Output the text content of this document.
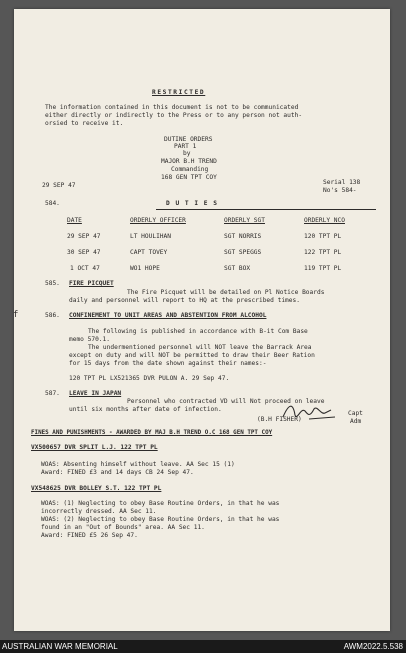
RESTRICTED
The information contained in this document is not to be communicated
either directly or indirectly to the Press or to any person not auth-
orsied to receive it.
DUTINE ORDERS
PART 1
by
MAJOR B.H TREND
Commanding
168 GEN TPT COY
29 SEP 47	Serial 138
No's 584-
584.	D U T I E S
DATE	ORDERLY OFFICER	ORDERLY SGT	ORDERLY NCO
29 SEP 47	LT HOULIHAN	SGT NORRIS	120 TPT PL
30 SEP 47	CAPT TOVEY	SGT SPEGGS	122 TPT PL
1 OCT 47	WO1 HOPE	SGT BOX	119 TPT PL
585. FIRE PICQUET
The Fire Picquet will be detailed on Pl Notice Boards
daily and personnel will report to HQ at the prescribed times.
f	586. CONFINEMENT TO UNIT AREAS AND ABSTENTION FROM ALCOHOL
The following is published in accordance with B-it Com Base
memo 570.1.
The undermentioned personnel will NOT leave the Barrack Area
except on duty and will NOT be permitted to draw their Beer Ration
for 15 days from the date shown against their names:-
120 TPT PL LX521365 DVR PULON A. 29 Sep 47.
587. LEAVE IN JAPAN
Personnel who contracted VD will Not proceed on leave
until six months after date of infection.
(B.H FISHER)
Capt
Adm
FINES AND PUNISHMENTS - AWARDED BY MAJ B.H TREND O.C 168 GEN TPT COY
VX500657 DVR SPLIT L.J. 122 TPT PL
WOAS: Absenting himself without leave. AA Sec 15 (1)
Award: FINED £3 and 14 days CB 24 Sep 47.
VX548625 DVR BOLLEY S.T. 122 TPT PL
WOAS: (1) Neglecting to obey Base Routine Orders, in that he was
incorrectly dressed. AA Sec 11.
WOAS: (2) Neglecting to obey Base Routine Orders, in that he was
found in an "Out of Bounds" area. AA Sec 11.
Award: FINED £5 26 Sep 47.
AUSTRALIAN WAR MEMORIAL	AWM2022.5.538
